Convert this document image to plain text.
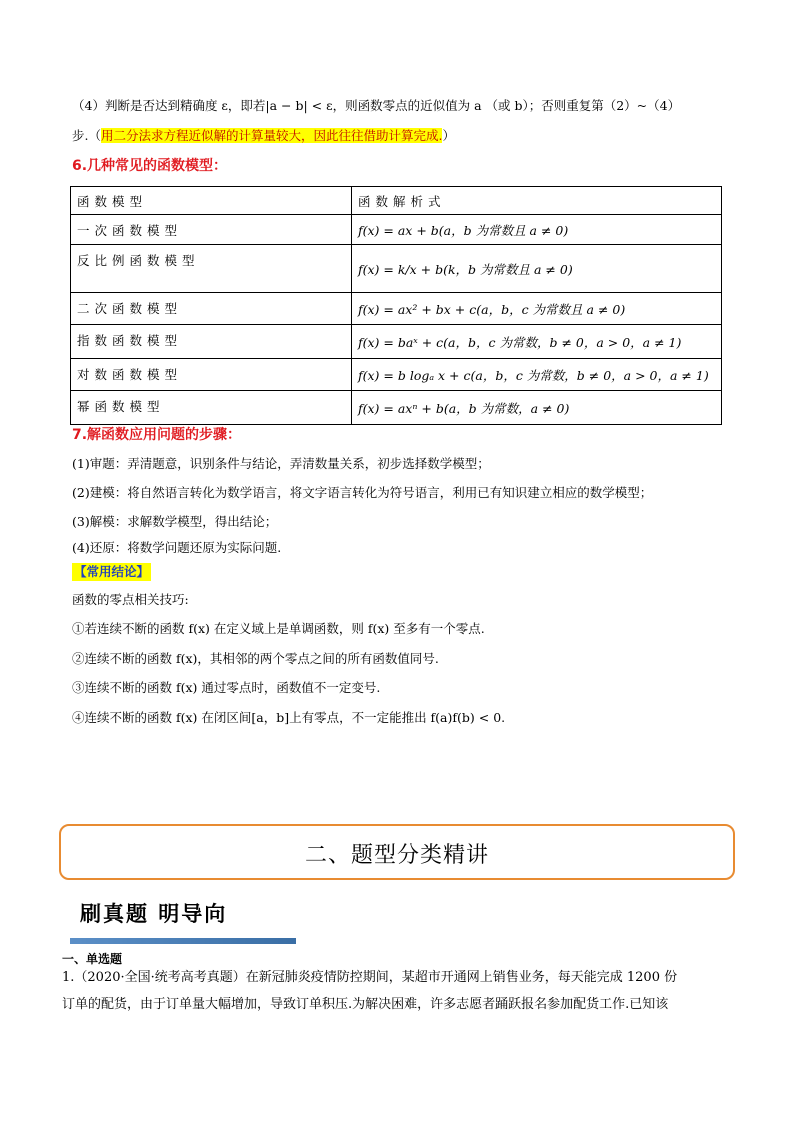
（4）判断是否达到精确度 ε，即若|a − b| < ε，则函数零点的近似值为 a （或 b）；否则重复第（2）~（4）
步.（用二分法求方程近似解的计算量较大，因此往往借助计算完成.）
6.几种常见的函数模型：
函数模型	函数解析式
一次函数模型	f(x) = ax + b(a，b 为常数且 a ≠ 0)
反比例函数模型	f(x) = k/x + b(k，b 为常数且 a ≠ 0)
二次函数模型	f(x) = ax² + bx + c(a，b，c 为常数且 a ≠ 0)
指数函数模型	f(x) = baˣ + c(a，b，c 为常数，b ≠ 0，a > 0，a ≠ 1)
对数函数模型	f(x) = b logₐ x + c(a，b，c 为常数，b ≠ 0，a > 0，a ≠ 1)
幂函数模型	f(x) = axⁿ + b(a，b 为常数，a ≠ 0)
7.解函数应用问题的步骤：
(1)审题：弄清题意，识别条件与结论，弄清数量关系，初步选择数学模型；
(2)建模：将自然语言转化为数学语言，将文字语言转化为符号语言，利用已有知识建立相应的数学模型；
(3)解模：求解数学模型，得出结论；
(4)还原：将数学问题还原为实际问题.
【常用结论】
函数的零点相关技巧:
①若连续不断的函数 f(x) 在定义域上是单调函数，则 f(x) 至多有一个零点.
②连续不断的函数 f(x)，其相邻的两个零点之间的所有函数值同号.
③连续不断的函数 f(x) 通过零点时，函数值不一定变号.
④连续不断的函数 f(x) 在闭区间[a，b]上有零点，不一定能推出 f(a)f(b) < 0.
二、题型分类精讲
刷真题 明导向
一、单选题
1.（2020·全国·统考高考真题）在新冠肺炎疫情防控期间，某超市开通网上销售业务，每天能完成 1200 份
订单的配货，由于订单量大幅增加，导致订单积压.为解决困难，许多志愿者踊跃报名参加配货工作.已知该
